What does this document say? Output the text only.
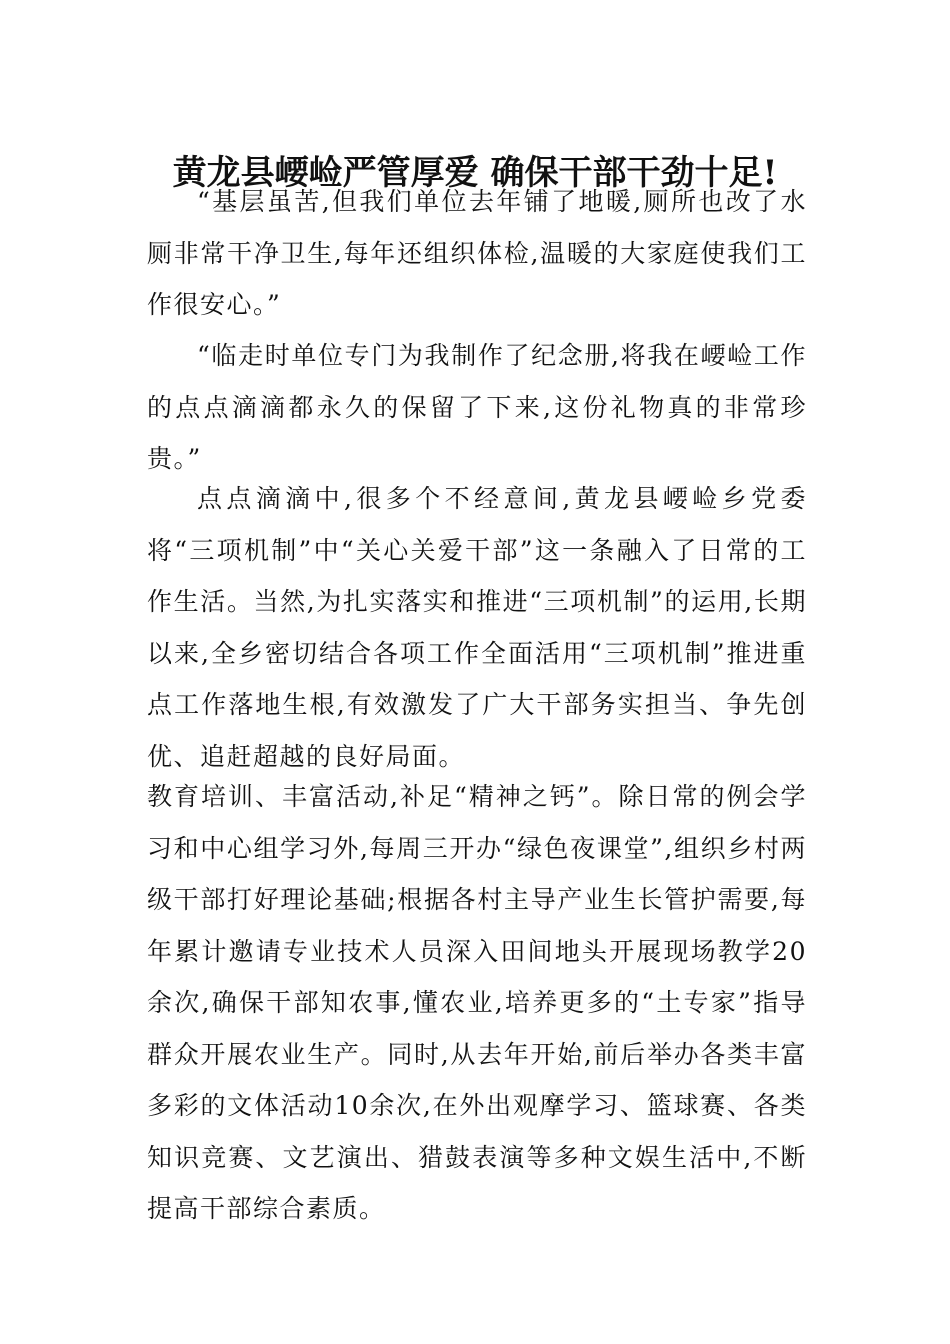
黄龙县崾崄严管厚爱 确保干部干劲十足!

“基层虽苦,但我们单位去年铺了地暖,厕所也改了水厕非常干净卫生,每年还组织体检,温暖的大家庭使我们工作很安心。”

“临走时单位专门为我制作了纪念册,将我在崾崄工作的点点滴滴都永久的保留了下来,这份礼物真的非常珍贵。”

点点滴滴中,很多个不经意间,黄龙县崾崄乡党委将“三项机制”中“关心关爱干部”这一条融入了日常的工作生活。当然,为扎实落实和推进“三项机制”的运用,长期以来,全乡密切结合各项工作全面活用“三项机制”推进重点工作落地生根,有效激发了广大干部务实担当、争先创优、追赶超越的良好局面。

教育培训、丰富活动,补足“精神之钙”。除日常的例会学习和中心组学习外,每周三开办“绿色夜课堂”,组织乡村两级干部打好理论基础;根据各村主导产业生长管护需要,每年累计邀请专业技术人员深入田间地头开展现场教学20余次,确保干部知农事,懂农业,培养更多的“土专家”指导群众开展农业生产。同时,从去年开始,前后举办各类丰富多彩的文体活动10余次,在外出观摩学习、篮球赛、各类知识竞赛、文艺演出、猎鼓表演等多种文娱生活中,不断提高干部综合素质。
